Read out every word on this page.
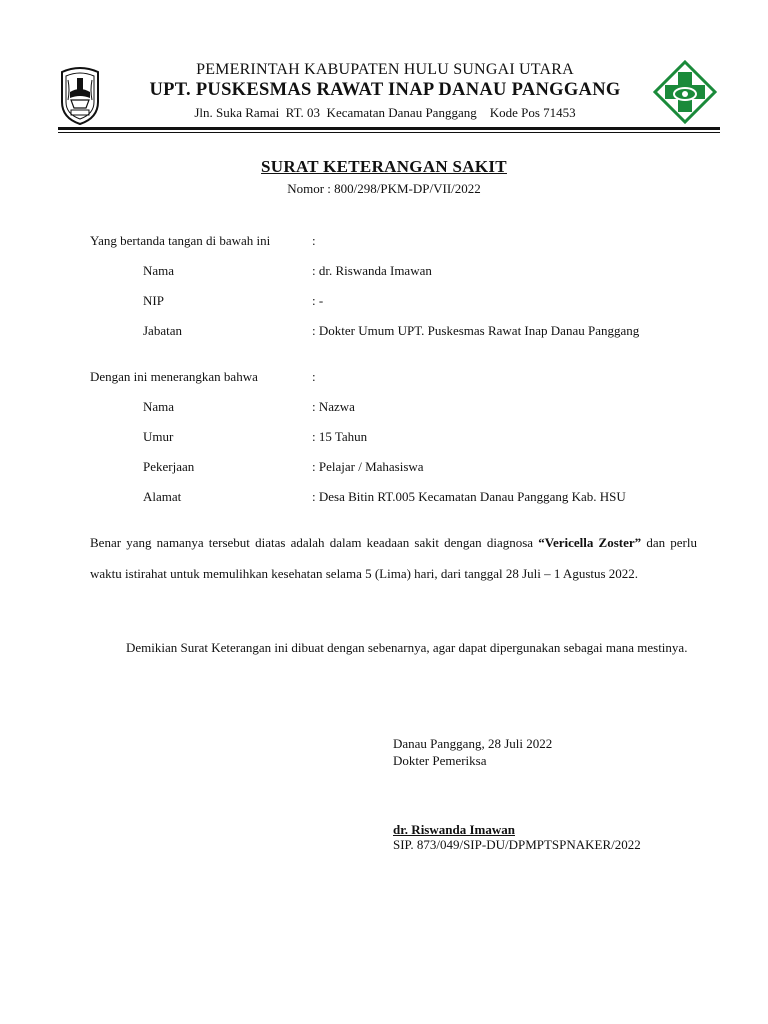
PEMERINTAH KABUPATEN HULU SUNGAI UTARA
UPT. PUSKESMAS RAWAT INAP DANAU PANGGANG
Jln. Suka Ramai  RT. 03  Kecamatan Danau Panggang    Kode Pos 71453
SURAT KETERANGAN SAKIT
Nomor : 800/298/PKM-DP/VII/2022
Yang bertanda tangan di bawah ini	:
Nama	: dr. Riswanda Imawan
NIP	: -
Jabatan	: Dokter Umum UPT. Puskesmas Rawat Inap Danau Panggang
Dengan ini menerangkan bahwa	:
Nama	: Nazwa
Umur	: 15 Tahun
Pekerjaan	: Pelajar / Mahasiswa
Alamat	: Desa Bitin RT.005 Kecamatan Danau Panggang Kab. HSU
Benar yang namanya tersebut diatas adalah dalam keadaan sakit dengan diagnosa “Vericella Zoster” dan perlu waktu istirahat untuk memulihkan kesehatan selama 5 (Lima) hari, dari tanggal 28 Juli – 1 Agustus 2022.
Demikian Surat Keterangan ini dibuat dengan sebenarnya, agar dapat dipergunakan sebagai mana mestinya.
Danau Panggang, 28 Juli 2022
Dokter Pemeriksa
dr. Riswanda Imawan
SIP. 873/049/SIP-DU/DPMPTSPNAKER/2022
